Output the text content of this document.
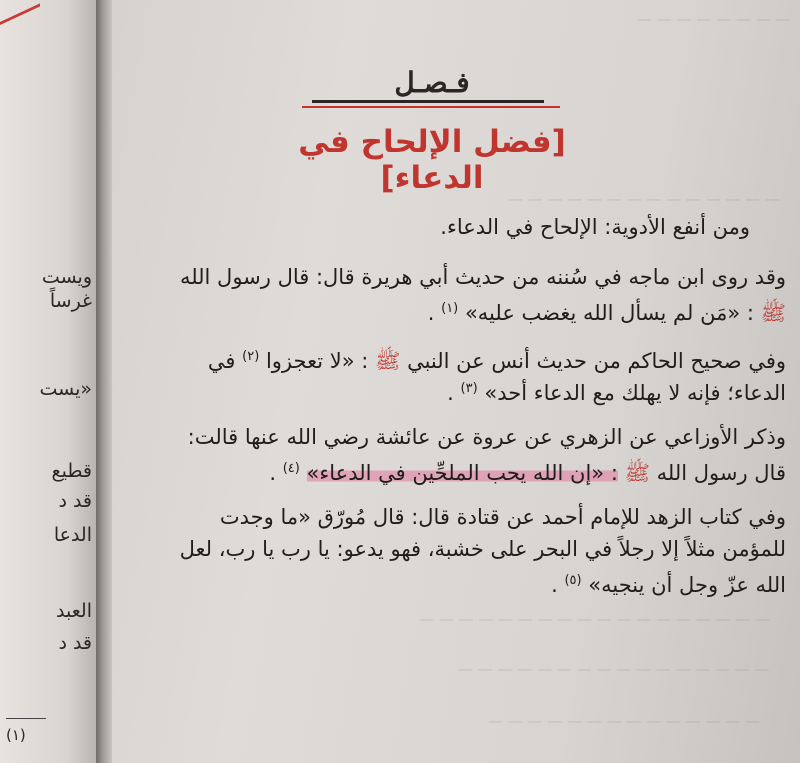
ويست
غرساً
«يست
قطيع
قد د
الدعا
العبد
قد د
(١)
— — — — — — — —
— — — — — — — — — — — — — —
— — — — — — — — — — — — — — — — — —
— — — — — — — — — — — — — — — —
— — — — — — — — — — — — — —
فـصـل
[فضل الإلحاح في الدعاء]
ومن أنفع الأدوية: الإلحاح في الدعاء.
وقد روى ابن ماجه في سُننه من حديث أبي هريرة قال: قال رسول الله
ﷺ : «مَن لم يسأل الله يغضب عليه» $^{(١)}$ .
وفي صحيح الحاكم من حديث أنس عن النبي ﷺ : «لا تعجزوا $^{(٢)}$ في
الدعاء؛ فإنه لا يهلك مع الدعاء أحد» $^{(٣)}$ .
وذكر الأوزاعي عن الزهري عن عروة عن عائشة رضي الله عنها قالت:
قال رسول الله ﷺ : «إن الله يحب الملحِّين في الدعاء» $^{(٤)}$ .
وفي كتاب الزهد للإمام أحمد عن قتادة قال: قال مُورّق «ما وجدت
للمؤمن مثلاً إلا رجلاً في البحر على خشبة، فهو يدعو: يا رب يا رب، لعل
الله عزّ وجل أن ينجيه» $^{(٥)}$ .
